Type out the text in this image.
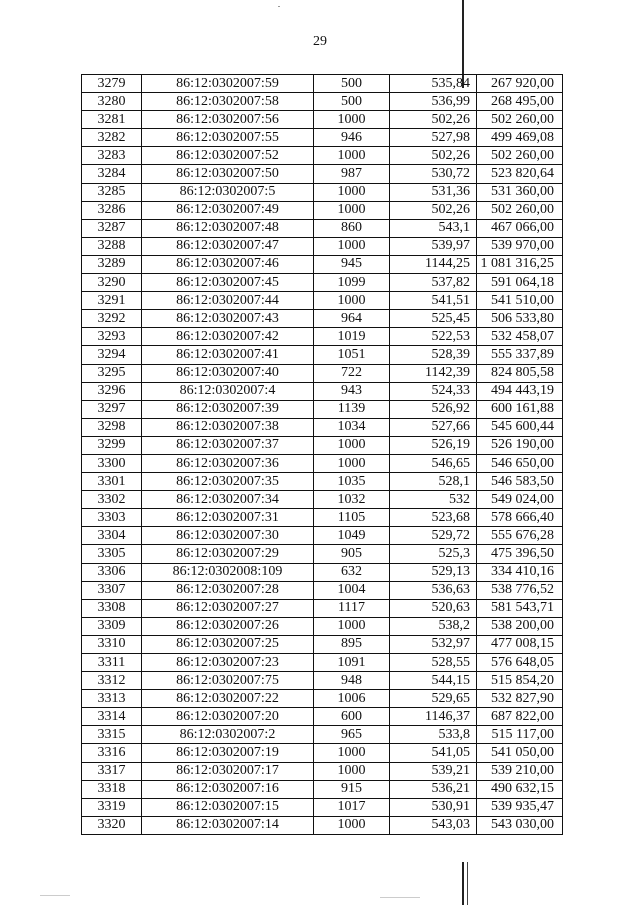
29
3279	86:12:0302007:59	500	535,84	267 920,00
3280	86:12:0302007:58	500	536,99	268 495,00
3281	86:12:0302007:56	1000	502,26	502 260,00
3282	86:12:0302007:55	946	527,98	499 469,08
3283	86:12:0302007:52	1000	502,26	502 260,00
3284	86:12:0302007:50	987	530,72	523 820,64
3285	86:12:0302007:5	1000	531,36	531 360,00
3286	86:12:0302007:49	1000	502,26	502 260,00
3287	86:12:0302007:48	860	543,1	467 066,00
3288	86:12:0302007:47	1000	539,97	539 970,00
3289	86:12:0302007:46	945	1144,25	1 081 316,25
3290	86:12:0302007:45	1099	537,82	591 064,18
3291	86:12:0302007:44	1000	541,51	541 510,00
3292	86:12:0302007:43	964	525,45	506 533,80
3293	86:12:0302007:42	1019	522,53	532 458,07
3294	86:12:0302007:41	1051	528,39	555 337,89
3295	86:12:0302007:40	722	1142,39	824 805,58
3296	86:12:0302007:4	943	524,33	494 443,19
3297	86:12:0302007:39	1139	526,92	600 161,88
3298	86:12:0302007:38	1034	527,66	545 600,44
3299	86:12:0302007:37	1000	526,19	526 190,00
3300	86:12:0302007:36	1000	546,65	546 650,00
3301	86:12:0302007:35	1035	528,1	546 583,50
3302	86:12:0302007:34	1032	532	549 024,00
3303	86:12:0302007:31	1105	523,68	578 666,40
3304	86:12:0302007:30	1049	529,72	555 676,28
3305	86:12:0302007:29	905	525,3	475 396,50
3306	86:12:0302008:109	632	529,13	334 410,16
3307	86:12:0302007:28	1004	536,63	538 776,52
3308	86:12:0302007:27	1117	520,63	581 543,71
3309	86:12:0302007:26	1000	538,2	538 200,00
3310	86:12:0302007:25	895	532,97	477 008,15
3311	86:12:0302007:23	1091	528,55	576 648,05
3312	86:12:0302007:75	948	544,15	515 854,20
3313	86:12:0302007:22	1006	529,65	532 827,90
3314	86:12:0302007:20	600	1146,37	687 822,00
3315	86:12:0302007:2	965	533,8	515 117,00
3316	86:12:0302007:19	1000	541,05	541 050,00
3317	86:12:0302007:17	1000	539,21	539 210,00
3318	86:12:0302007:16	915	536,21	490 632,15
3319	86:12:0302007:15	1017	530,91	539 935,47
3320	86:12:0302007:14	1000	543,03	543 030,00
